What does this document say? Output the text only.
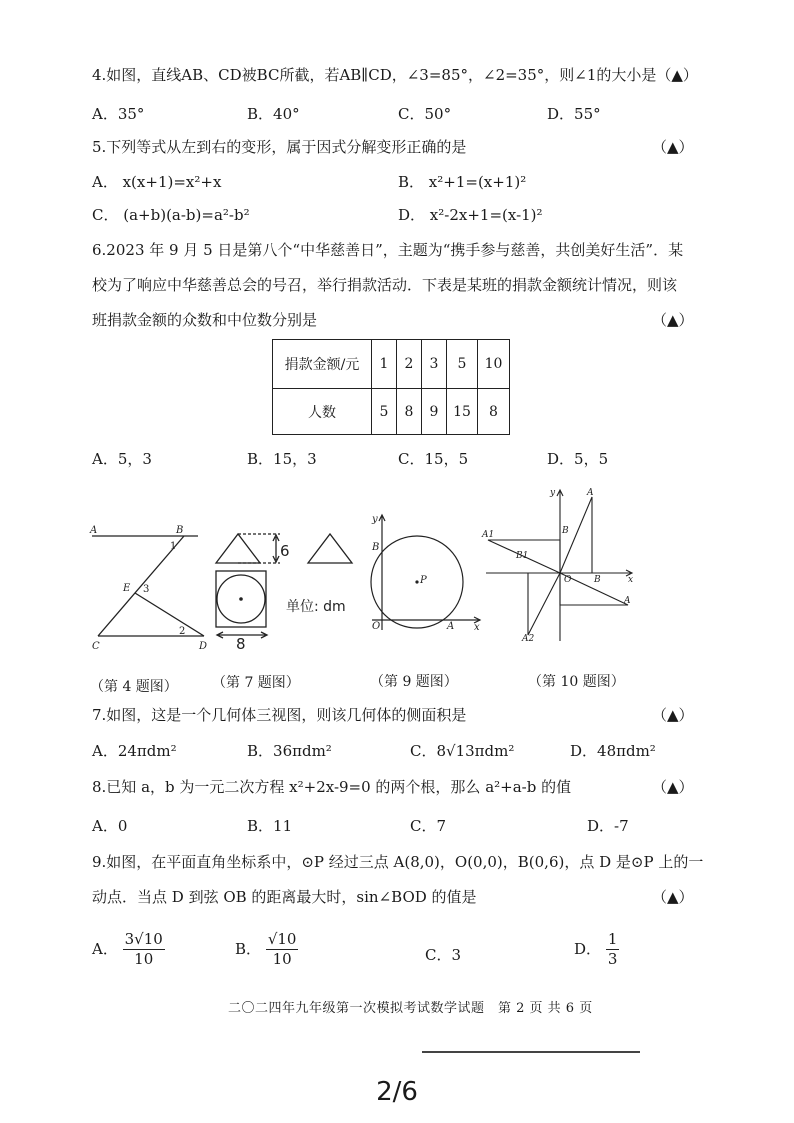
4.如图，直线AB、CD被BC所截，若AB∥CD，∠3=85°，∠2=35°，则∠1的大小是（▲）
A．35°	B．40°	C．50°	D．55°
5.下列等式从左到右的变形，属于因式分解变形正确的是	（▲）
A． x(x+1)=x²+x	B． x²+1=(x+1)²
C． (a+b)(a-b)=a²-b²	D． x²-2x+1=(x-1)²
6.2023 年 9 月 5 日是第八个“中华慈善日”，主题为“携手参与慈善，共创美好生活”．某
校为了响应中华慈善总会的号召，举行捐款活动．下表是某班的捐款金额统计情况，则该
班捐款金额的众数和中位数分别是	（▲）
捐款金额/元	1	2	3	5	10
人数	5	8	9	15	8
A．5，3	B．15，3	C．15，5	D．5，5
A	B
E
C	D
1
2
3
6
8
单位: dm
y
B
P
O	A x
y	A
A1
B1
B
O	B	x
A
A2
（第 4 题图） （第 7 题图）	（第 9 题图）	（第 10 题图）
7.如图，这是一个几何体三视图，则该几何体的侧面积是	（▲）
A．24πdm²	B．36πdm²	C．8√13πdm²	D．48πdm²
8.已知 a，b 为一元二次方程 x²+2x-9=0 的两个根，那么 a²+a-b 的值	（▲）
A．0	B．11	C．7	D．-7
9.如图，在平面直角坐标系中，⊙P 经过三点 A(8,0)，O(0,0)，B(0,6)，点 D 是⊙P 上的一
动点．当点 D 到弦 OB 的距离最大时，sin∠BOD 的值是	（▲）
A． $\frac{3√10}{10}$	B． $\frac{√10}{10}$	C．3	D． $\frac{1}{3}$
二〇二四年九年级第一次模拟考试数学试题　第 2 页 共 6 页
2/6
